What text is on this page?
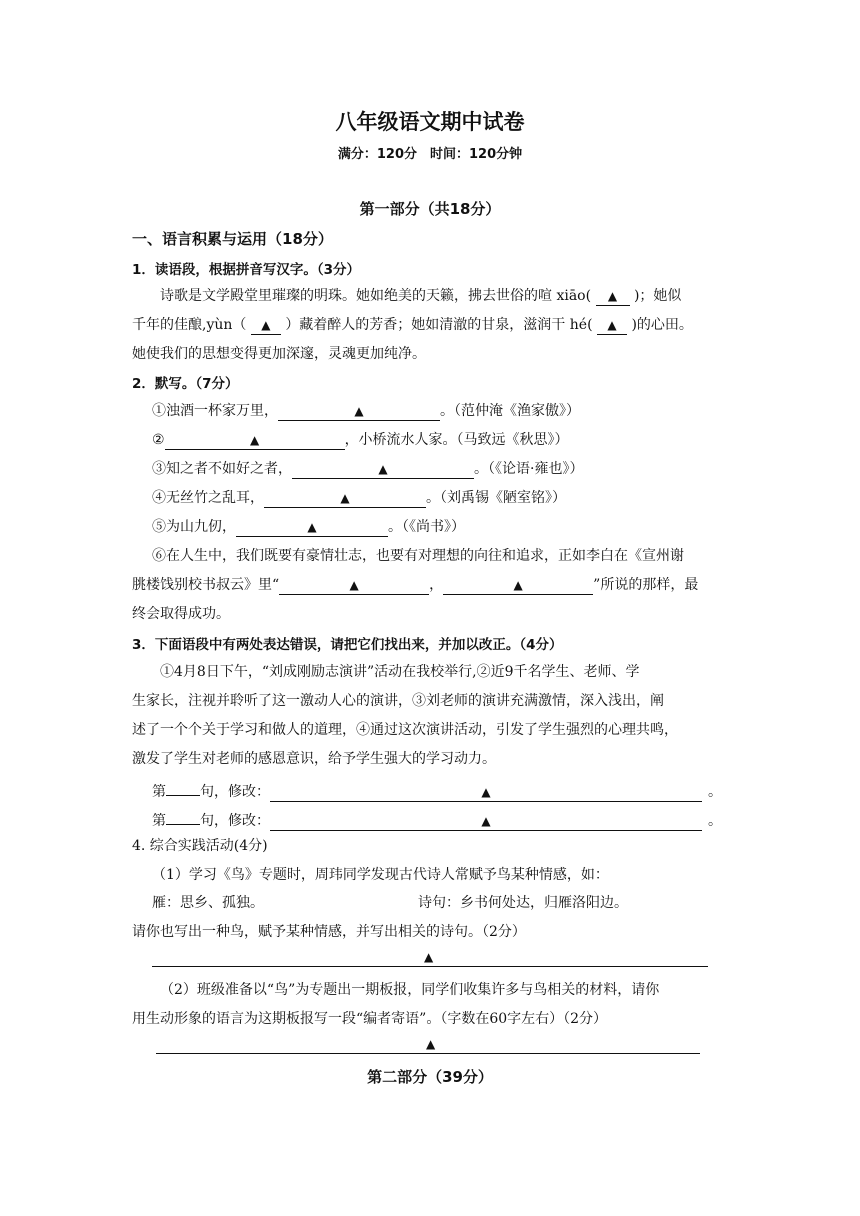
八年级语文期中试卷
满分：120分　时间：120分钟
第一部分（共18分）
一、语言积累与运用（18分）
1．读语段，根据拼音写汉字。（3分）
诗歌是文学殿堂里璀璨的明珠。她如绝美的天籁，拂去世俗的喧 xiāo( ▲ )；她似
千年的佳酿,yùn（ ▲ ）藏着醉人的芳香；她如清澈的甘泉，滋润干 hé( ▲ )的心田。
她使我们的思想变得更加深邃，灵魂更加纯净。
2．默写。（7分）
①浊酒一杯家万里，	▲	。（范仲淹《渔家傲》）
②	▲	，小桥流水人家。（马致远《秋思》）
③知之者不如好之者，	▲	。（《论语·雍也》）
④无丝竹之乱耳，	▲	。（刘禹锡《陋室铭》）
⑤为山九仞，	▲	。（《尚书》）
⑥在人生中，我们既要有豪情壮志，也要有对理想的向往和追求，正如李白在《宣州谢
朓楼饯别校书叔云》里“	▲	，	▲	”所说的那样，最
终会取得成功。
3．下面语段中有两处表达错误，请把它们找出来，并加以改正。（4分）
①4月8日下午，“刘成刚励志演讲”活动在我校举行,②近9千名学生、老师、学
生家长，注视并聆听了这一激动人心的演讲，③刘老师的演讲充满激情，深入浅出，阐
述了一个个关于学习和做人的道理，④通过这次演讲活动，引发了学生强烈的心理共鸣，
激发了学生对老师的感恩意识，给予学生强大的学习动力。
第 句，修改：	▲	。
第 句，修改：	▲	。
4. 综合实践活动(4分)
（1）学习《鸟》专题时，周玮同学发现古代诗人常赋予鸟某种情感，如：
雁：思乡、孤独。	诗句：乡书何处达，归雁洛阳边。
请你也写出一种鸟，赋予某种情感，并写出相关的诗句。（2分）
▲
（2）班级准备以“鸟”为专题出一期板报，同学们收集许多与鸟相关的材料，请你
用生动形象的语言为这期板报写一段“编者寄语”。（字数在60字左右）（2分）
▲
第二部分（39分）
